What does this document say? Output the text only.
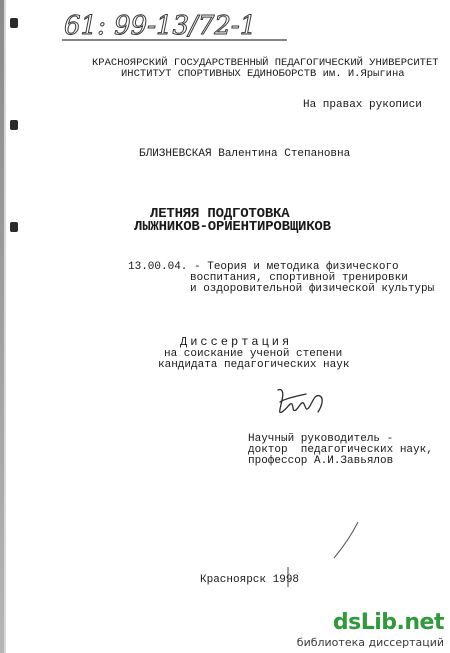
61: 99-13/72-1
КРАСНОЯРСКИЙ ГОСУДАРСТВЕННЫЙ ПЕДАГОГИЧЕСКИЙ УНИВЕРСИТЕТ
ИНСТИТУТ СПОРТИВНЫХ ЕДИНОБОРСТВ им. И.Ярыгина
На правах рукописи
БЛИЗНЕВСКАЯ Валентина Степановна
ЛЕТНЯЯ ПОДГОТОВКА
ЛЫЖНИКОВ-ОРИЕНТИРОВЩИКОВ
13.00.04. - Теория и методика физического
воспитания, спортивной тренировки
и оздоровительной физической культуры
Диссертация
на соискание ученой степени
кандидата педагогических наук
Научный руководитель -
доктор  педагогических наук,
профессор А.И.Завьялов
Красноярск 1998
dsLib.net
библиотека диссертаций
